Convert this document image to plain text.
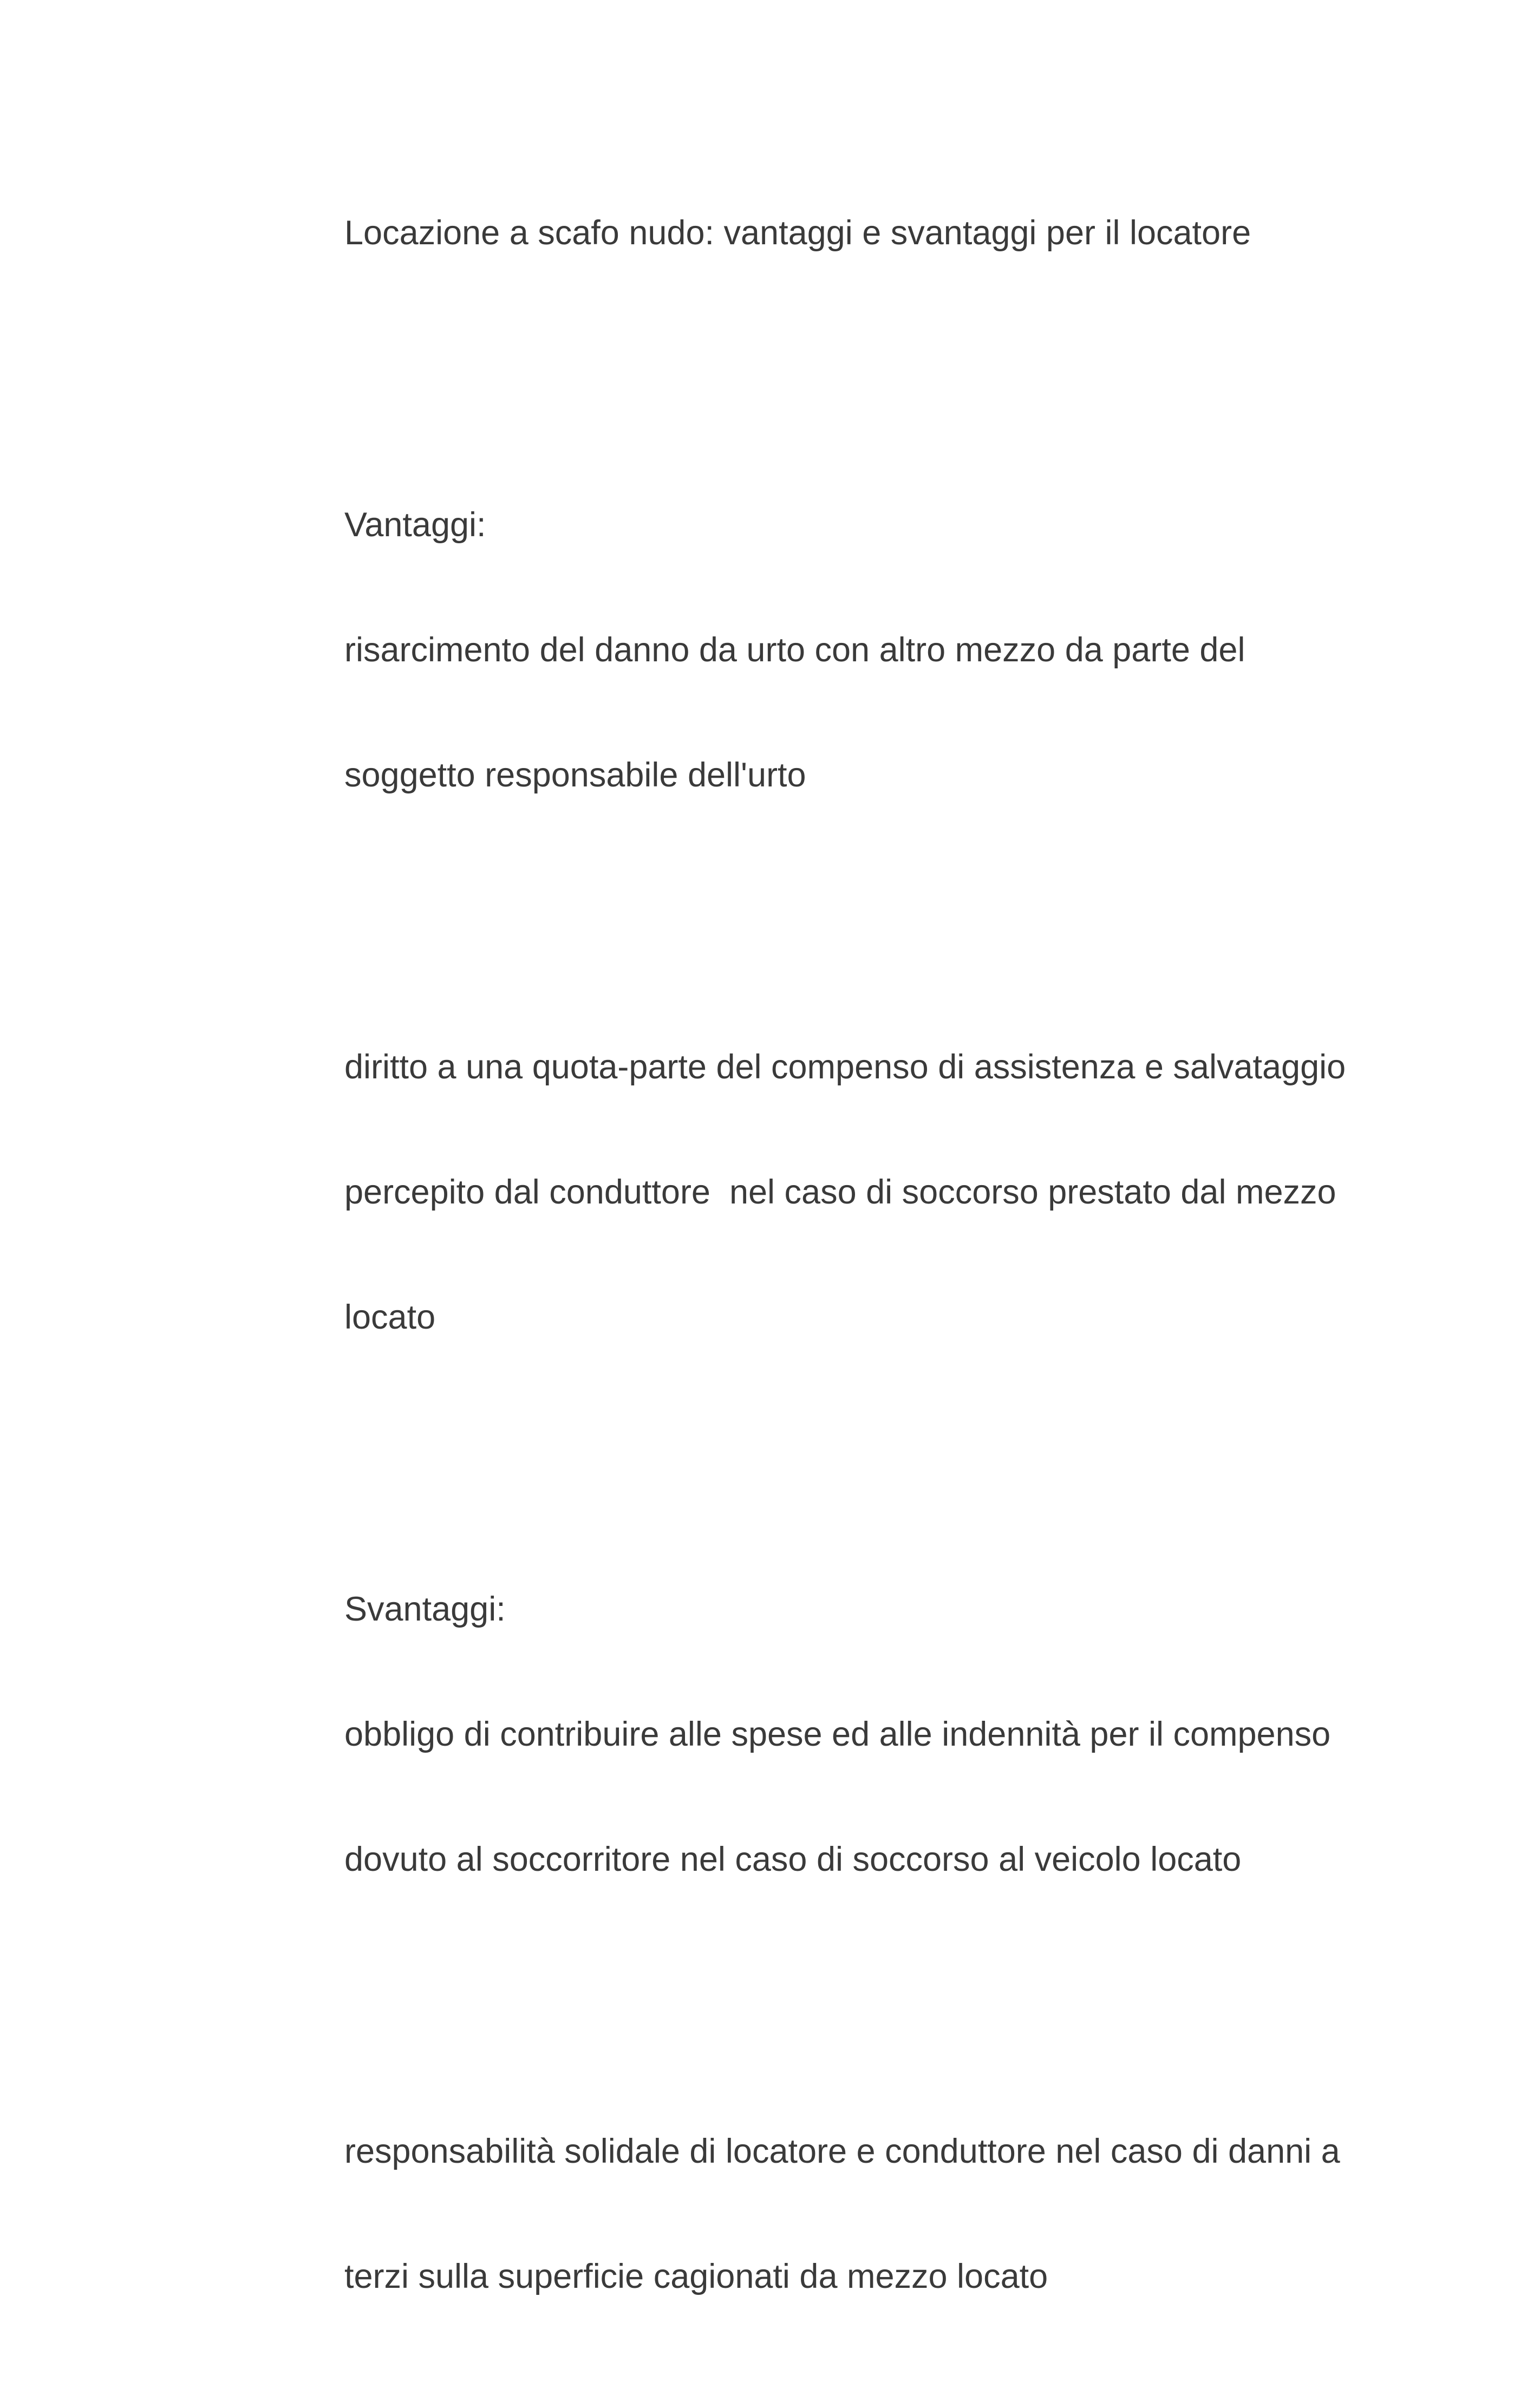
Locazione a scafo nudo: vantaggi e svantaggi per il locatore

Vantaggi:

risarcimento del danno da urto con altro mezzo da parte del

soggetto responsabile dell'urto

diritto a una quota-parte del compenso di assistenza e salvataggio

percepito dal conduttore  nel caso di soccorso prestato dal mezzo

locato

Svantaggi:

obbligo di contribuire alle spese ed alle indennità per il compenso

dovuto al soccorritore nel caso di soccorso al veicolo locato

responsabilità solidale di locatore e conduttore nel caso di danni a

terzi sulla superficie cagionati da mezzo locato
